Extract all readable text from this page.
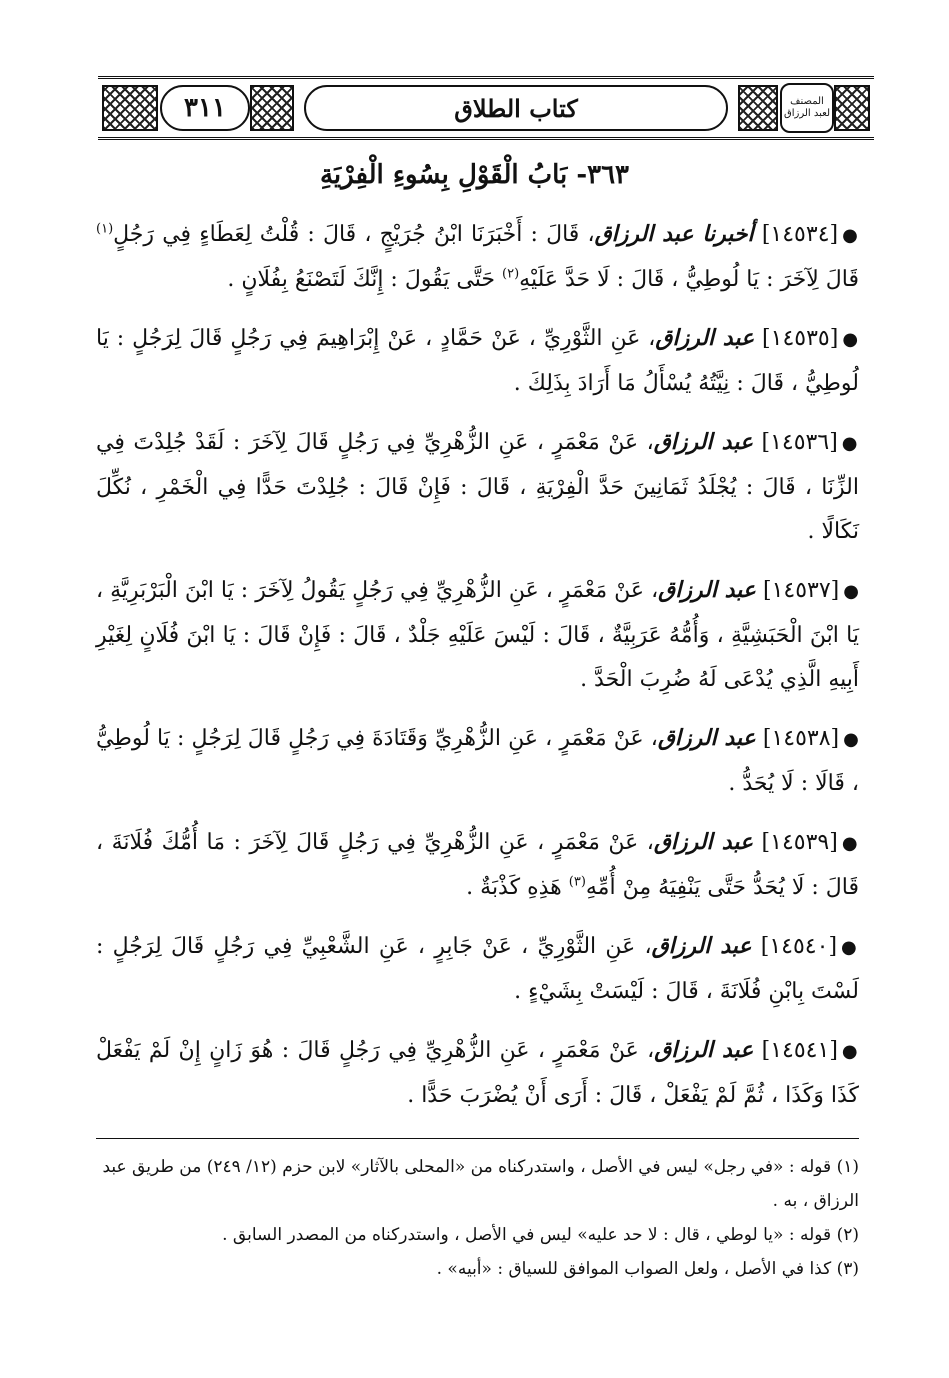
٣١١	كتاب الطلاق	المصنف
لعبد الرزاق
٣٦٣- بَابُ الْقَوْلِ بِسُوءِ الْفِرْيَةِ
●[١٤٥٣٤] أخبرنا عبد الرزاق، قَالَ : أَخْبَرَنَا ابْنُ جُرَيْجٍ ، قَالَ : قُلْتُ لِعَطَاءٍ فِي رَجُلٍ$^{(١)}$ قَالَ لِآخَرَ : يَا لُوطِيُّ ، قَالَ : لَا حَدَّ عَلَيْهِ$^{(٢)}$ حَتَّى يَقُولَ : إِنَّكَ لَتَصْنَعُ بِفُلَانٍ .
●[١٤٥٣٥] عبد الرزاق، عَنِ الثَّوْرِيِّ ، عَنْ حَمَّادٍ ، عَنْ إِبْرَاهِيمَ فِي رَجُلٍ قَالَ لِرَجُلٍ : يَا لُوطِيُّ ، قَالَ : نِيَّتُهُ يُسْأَلُ مَا أَرَادَ بِذَلِكَ .
●[١٤٥٣٦] عبد الرزاق، عَنْ مَعْمَرٍ ، عَنِ الزُّهْرِيِّ فِي رَجُلٍ قَالَ لِآخَرَ : لَقَدْ جُلِدْتَ فِي الزِّنَا ، قَالَ : يُجْلَدُ ثَمَانِينَ حَدَّ الْفِرْيَةِ ، قَالَ : فَإِنْ قَالَ : جُلِدْتَ حَدًّا فِي الْخَمْرِ ، نُكِّلَ نَكَالًا .
●[١٤٥٣٧] عبد الرزاق، عَنْ مَعْمَرٍ ، عَنِ الزُّهْرِيِّ فِي رَجُلٍ يَقُولُ لِآخَرَ : يَا ابْنَ الْبَرْبَرِيَّةِ ، يَا ابْنَ الْحَبَشِيَّةِ ، وَأُمُّهُ عَرَبِيَّةٌ ، قَالَ : لَيْسَ عَلَيْهِ جَلْدٌ ، قَالَ : فَإِنْ قَالَ : يَا ابْنَ فُلَانٍ لِغَيْرِ أَبِيهِ الَّذِي يُدْعَى لَهُ ضُرِبَ الْحَدَّ .
●[١٤٥٣٨] عبد الرزاق، عَنْ مَعْمَرٍ ، عَنِ الزُّهْرِيِّ وَقَتَادَةَ فِي رَجُلٍ قَالَ لِرَجُلٍ : يَا لُوطِيُّ ، قَالَا : لَا يُحَدُّ .
●[١٤٥٣٩] عبد الرزاق، عَنْ مَعْمَرٍ ، عَنِ الزُّهْرِيِّ فِي رَجُلٍ قَالَ لِآخَرَ : مَا أُمُّكَ فُلَانَةَ ، قَالَ : لَا يُحَدُّ حَتَّى يَنْفِيَهُ مِنْ أُمِّهِ$^{(٣)}$ هَذِهِ كَذْبَةٌ .
●[١٤٥٤٠] عبد الرزاق، عَنِ الثَّوْرِيِّ ، عَنْ جَابِرٍ ، عَنِ الشَّعْبِيِّ فِي رَجُلٍ قَالَ لِرَجُلٍ : لَسْتَ بِابْنِ فُلَانَةَ ، قَالَ : لَيْسَتْ بِشَيْءٍ .
●[١٤٥٤١] عبد الرزاق، عَنْ مَعْمَرٍ ، عَنِ الزُّهْرِيِّ فِي رَجُلٍ قَالَ : هُوَ زَانٍ إِنْ لَمْ يَفْعَلْ كَذَا وَكَذَا ، ثُمَّ لَمْ يَفْعَلْ ، قَالَ : أَرَى أَنْ يُضْرَبَ حَدًّا .
(١) قوله : «في رجل» ليس في الأصل ، واستدركناه من «المحلى بالآثار» لابن حزم (١٢/ ٢٤٩) من طريق عبد الرزاق ، به .
(٢) قوله : «يا لوطي ، قال : لا حد عليه» ليس في الأصل ، واستدركناه من المصدر السابق .
(٣) كذا في الأصل ، ولعل الصواب الموافق للسياق : «أبيه» .
